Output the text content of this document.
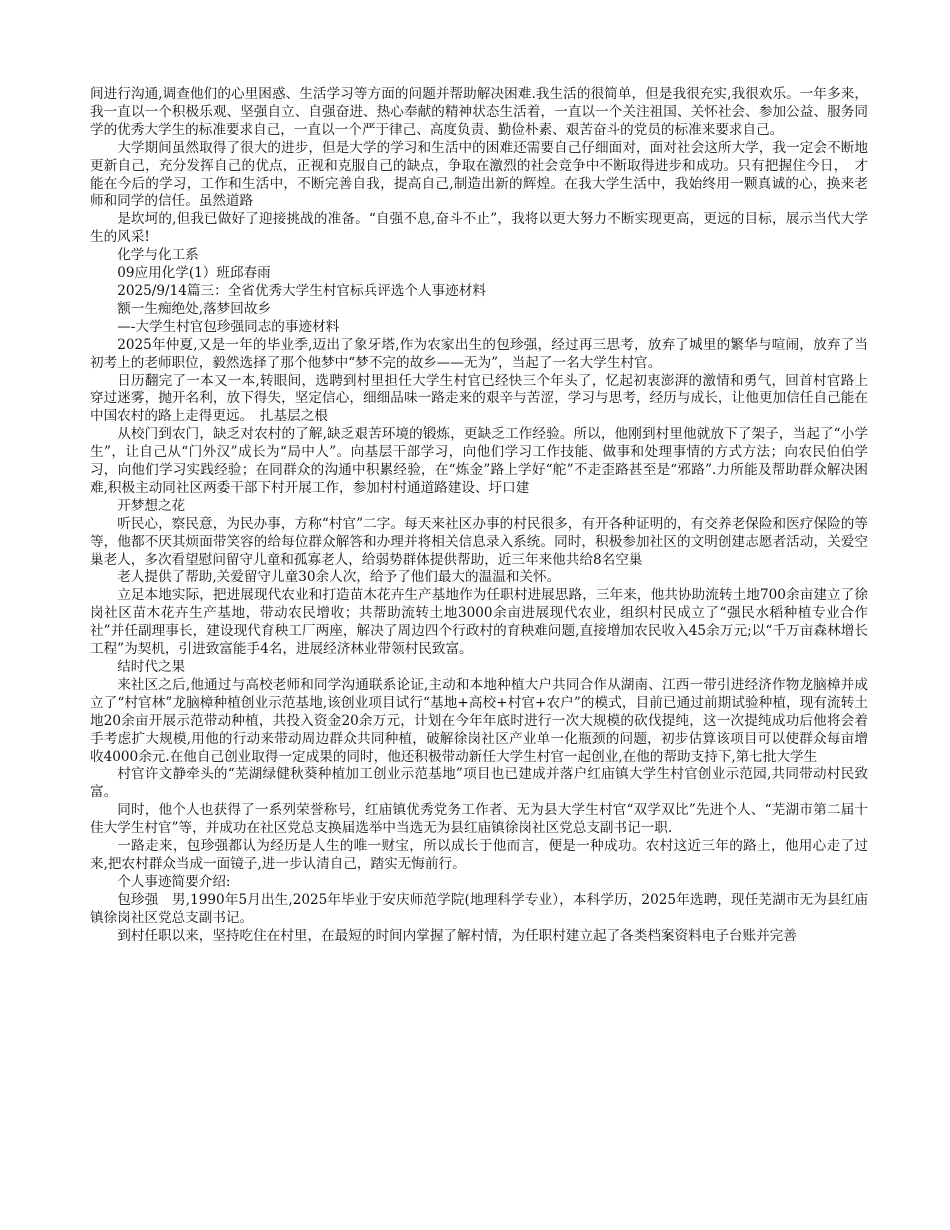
间进行沟通,调查他们的心里困惑、生活学习等方面的问题并帮助解决困难.我生活的很简单，但是我很充实,我很欢乐。一年多来，我一直以一个积极乐观、坚强自立、自强奋进、热心奉献的精神状态生活着，一直以一个关注祖国、关怀社会、参加公益、服务同学的优秀大学生的标准要求自己，一直以一个严于律己、高度负责、勤俭朴素、艰苦奋斗的党员的标准来要求自己。

大学期间虽然取得了很大的进步，但是大学的学习和生活中的困难还需要自己仔细面对，面对社会这所大学，我一定会不断地更新自己，充分发挥自己的优点，正视和克服自己的缺点，争取在激烈的社会竞争中不断取得进步和成功。只有把握住今日，　才能在今后的学习，工作和生活中，不断完善自我，提高自己,制造出新的辉煌。在我大学生活中，我始终用一颗真诚的心，换来老师和同学的信任。虽然道路

是坎坷的,但我已做好了迎接挑战的准备。“自强不息,奋斗不止”，我将以更大努力不断实现更高，更远的目标，展示当代大学生的风采!

化学与化工系

09应用化学(1）班邱春雨

2025/9/14篇三：全省优秀大学生村官标兵评选个人事迹材料

额一生痴绝处,落梦回故乡

—-大学生村官包珍强同志的事迹材料

2025年仲夏,又是一年的毕业季,迈出了象牙塔,作为农家出生的包珍强，经过再三思考，放弃了城里的繁华与喧闹，放弃了当初考上的老师职位，毅然选择了那个他梦中“梦不完的故乡——无为”，当起了一名大学生村官。

日历翻完了一本又一本,转眼间，选聘到村里担任大学生村官已经快三个年头了，忆起初衷澎湃的激情和勇气，回首村官路上穿过迷雾，抛开名利，放下得失，坚定信心，细细品味一路走来的艰辛与苦涩，学习与思考，经历与成长，让他更加信任自己能在中国农村的路上走得更远。　扎基层之根

从校门到农门，缺乏对农村的了解,缺乏艰苦环境的锻炼，更缺乏工作经验。所以，他刚到村里他就放下了架子，当起了“小学生”，让自己从“门外汉”成长为“局中人”。向基层干部学习，向他们学习工作技能、做事和处理事情的方式方法；向农民伯伯学习，向他们学习实践经验；在同群众的沟通中积累经验，在“炼金”路上学好“舵”不走歪路甚至是“邪路”.力所能及帮助群众解决困难,积极主动同社区两委干部下村开展工作，参加村村通道路建设、圩口建

开梦想之花

听民心，察民意，为民办事，方称“村官”二字。每天来社区办事的村民很多，有开各种证明的，有交养老保险和医疗保险的等等，他都不厌其烦面带笑容的给每位群众解答和办理并将相关信息录入系统。同时，积极参加社区的文明创建志愿者活动，关爱空巢老人，多次看望慰问留守儿童和孤寡老人，给弱势群体提供帮助，近三年来他共给8名空巢

老人提供了帮助,关爱留守儿童30余人次，给予了他们最大的温温和关怀。

立足本地实际，把进展现代农业和打造苗木花卉生产基地作为任职村进展思路，三年来，他共协助流转土地700余亩建立了徐岗社区苗木花卉生产基地，带动农民增收；共帮助流转土地3000余亩进展现代农业，组织村民成立了“强民水稻种植专业合作社”并任副理事长，建设现代育秧工厂两座，解决了周边四个行政村的育秧难问题,直接增加农民收入45余万元;以“千万亩森林增长工程”为契机，引进致富能手4名，进展经济林业带领村民致富。

结时代之果

来社区之后,他通过与高校老师和同学沟通联系论证,主动和本地种植大户共同合作从湖南、江西一带引进经济作物龙脑樟并成立了“村官林”龙脑樟种植创业示范基地,该创业项目试行“基地+高校+村官+农户”的模式，目前已通过前期试验种植，现有流转土地20余亩开展示范带动种植，共投入资金20余万元，计划在今年年底时进行一次大规模的砍伐提纯，这一次提纯成功后他将会着手考虑扩大规模,用他的行动来带动周边群众共同种植，破解徐岗社区产业单一化瓶颈的问题，初步估算该项目可以使群众每亩增收4000余元.在他自己创业取得一定成果的同时，他还积极带动新任大学生村官一起创业,在他的帮助支持下,第七批大学生

村官许文静牵头的“芜湖绿健秋葵种植加工创业示范基地”项目也已建成并落户红庙镇大学生村官创业示范园,共同带动村民致富。

同时，他个人也获得了一系列荣誉称号，红庙镇优秀党务工作者、无为县大学生村官“双学双比”先进个人、“芜湖市第二届十佳大学生村官”等，并成功在社区党总支换届选举中当选无为县红庙镇徐岗社区党总支副书记一职.

一路走来，包珍强都认为经历是人生的唯一财宝，所以成长于他而言，便是一种成功。农村这近三年的路上，他用心走了过来,把农村群众当成一面镜子,进一步认清自己，踏实无悔前行。

个人事迹简要介绍:

包珍强　男,1990年5月出生,2025年毕业于安庆师范学院(地理科学专业），本科学历，2025年选聘，现任芜湖市无为县红庙镇徐岗社区党总支副书记。

到村任职以来，坚持吃住在村里，在最短的时间内掌握了解村情，为任职村建立起了各类档案资料电子台账并完善
